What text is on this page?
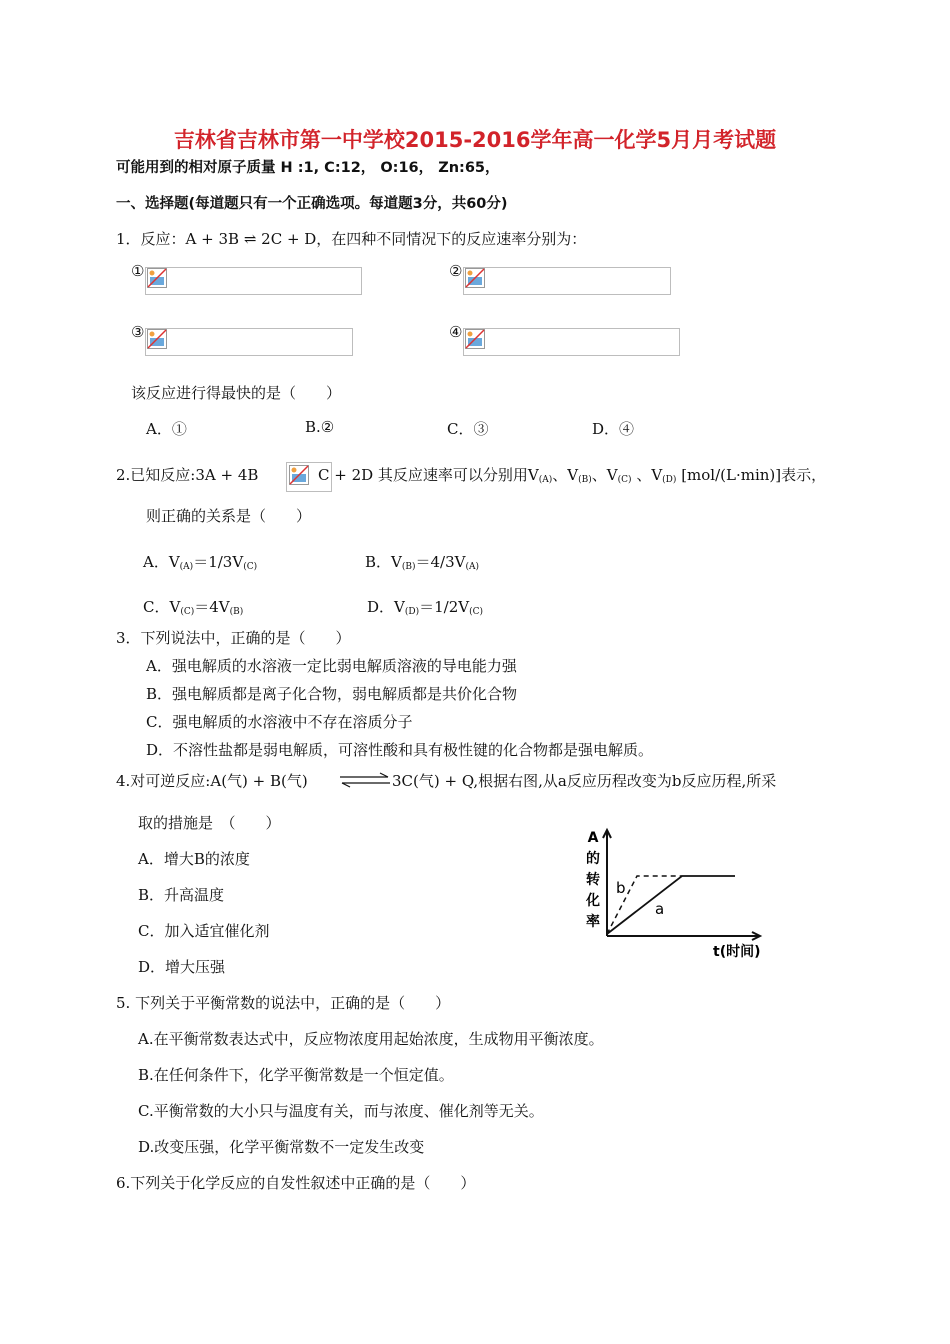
吉林省吉林市第一中学校2015-2016学年高一化学5月月考试题
可能用到的相对原子质量 H :1, C:12， O:16， Zn:65，
一、选择题(每道题只有一个正确选项。每道题3分，共60分)
1．反应：A + 3B ⇌ 2C + D，在四种不同情况下的反应速率分别为：
①	②
③	④
该反应进行得最快的是（　　）
A．①	B.②	C．③	D．④
2.已知反应:3A + 4B	C + 2D 其反应速率可以分别用$V_{(A)}$、$V_{(B)}$、$V_{(C)}$ 、$V_{(D)}$ [mol/(L·min)]表示，
则正确的关系是（　　）
A．$V_{(A)}=1/3V_{(C)}$	B．$V_{(B)}=4/3V_{(A)}$
C．$V_{(C)}=4V_{(B)}$	D．$V_{(D)}=1/2V_{(C)}$
3．下列说法中，正确的是（　　）
A．强电解质的水溶液一定比弱电解质溶液的导电能力强
B．强电解质都是离子化合物，弱电解质都是共价化合物
C．强电解质的水溶液中不存在溶质分子
D．不溶性盐都是弱电解质，可溶性酸和具有极性键的化合物都是强电解质。
4.对可逆反应:A(气) + B(气) ⇌ 3C(气) + Q,根据右图,从a反应历程改变为b反应历程,所采
取的措施是　（　　）
A．增大B的浓度
B．升高温度
C．加入适宜催化剂
D．增大压强
A
的
转
化
率
b
a
t(时间)
5. 下列关于平衡常数的说法中，正确的是（　　）
A.在平衡常数表达式中，反应物浓度用起始浓度，生成物用平衡浓度。
B.在任何条件下，化学平衡常数是一个恒定值。
C.平衡常数的大小只与温度有关，而与浓度、催化剂等无关。
D.改变压强，化学平衡常数不一定发生改变
6.下列关于化学反应的自发性叙述中正确的是（　　）
